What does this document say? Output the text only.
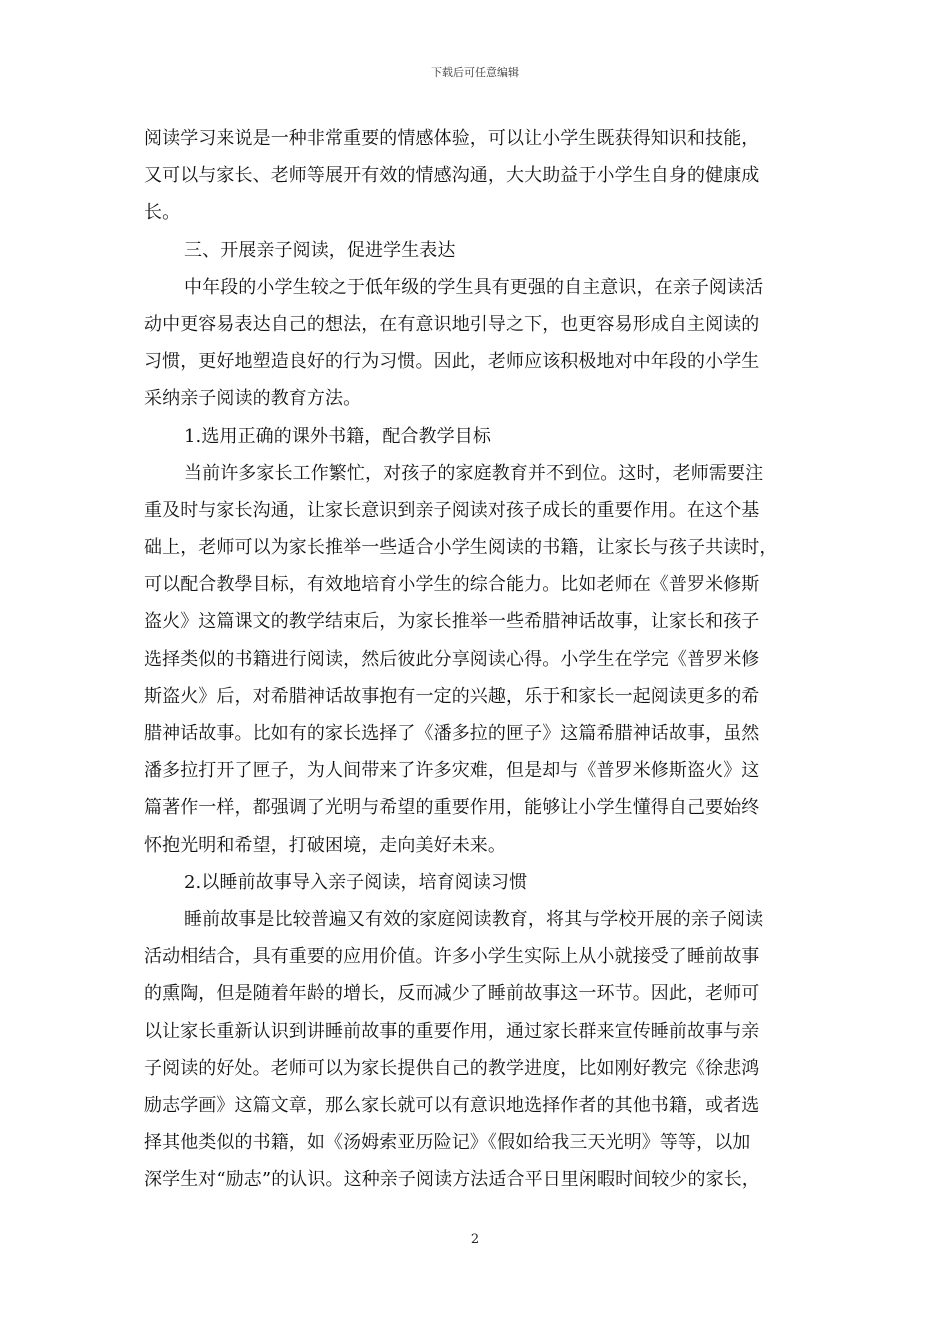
下载后可任意编辑
阅读学习来说是一种非常重要的情感体验，可以让小学生既获得知识和技能，
又可以与家长、老师等展开有效的情感沟通，大大助益于小学生自身的健康成
长。
三、开展亲子阅读，促进学生表达
中年段的小学生较之于低年级的学生具有更强的自主意识，在亲子阅读活
动中更容易表达自己的想法，在有意识地引导之下，也更容易形成自主阅读的
习惯，更好地塑造良好的行为习惯。因此，老师应该积极地对中年段的小学生
采纳亲子阅读的教育方法。
1.选用正确的课外书籍，配合教学目标
当前许多家长工作繁忙，对孩子的家庭教育并不到位。这时，老师需要注
重及时与家长沟通，让家长意识到亲子阅读对孩子成长的重要作用。在这个基
础上，老师可以为家长推举一些适合小学生阅读的书籍，让家长与孩子共读时，
可以配合教學目标，有效地培育小学生的综合能力。比如老师在《普罗米修斯
盗火》这篇课文的教学结束后，为家长推举一些希腊神话故事，让家长和孩子
选择类似的书籍进行阅读，然后彼此分享阅读心得。小学生在学完《普罗米修
斯盗火》后，对希腊神话故事抱有一定的兴趣，乐于和家长一起阅读更多的希
腊神话故事。比如有的家长选择了《潘多拉的匣子》这篇希腊神话故事，虽然
潘多拉打开了匣子，为人间带来了许多灾难，但是却与《普罗米修斯盗火》这
篇著作一样，都强调了光明与希望的重要作用，能够让小学生懂得自己要始终
怀抱光明和希望，打破困境，走向美好未来。
2.以睡前故事导入亲子阅读，培育阅读习惯
睡前故事是比较普遍又有效的家庭阅读教育，将其与学校开展的亲子阅读
活动相结合，具有重要的应用价值。许多小学生实际上从小就接受了睡前故事
的熏陶，但是随着年龄的增长，反而减少了睡前故事这一环节。因此，老师可
以让家长重新认识到讲睡前故事的重要作用，通过家长群来宣传睡前故事与亲
子阅读的好处。老师可以为家长提供自己的教学进度，比如刚好教完《徐悲鸿
励志学画》这篇文章，那么家长就可以有意识地选择作者的其他书籍，或者选
择其他类似的书籍，如《汤姆索亚历险记》《假如给我三天光明》等等，以加
深学生对“励志”的认识。这种亲子阅读方法适合平日里闲暇时间较少的家长，
2
